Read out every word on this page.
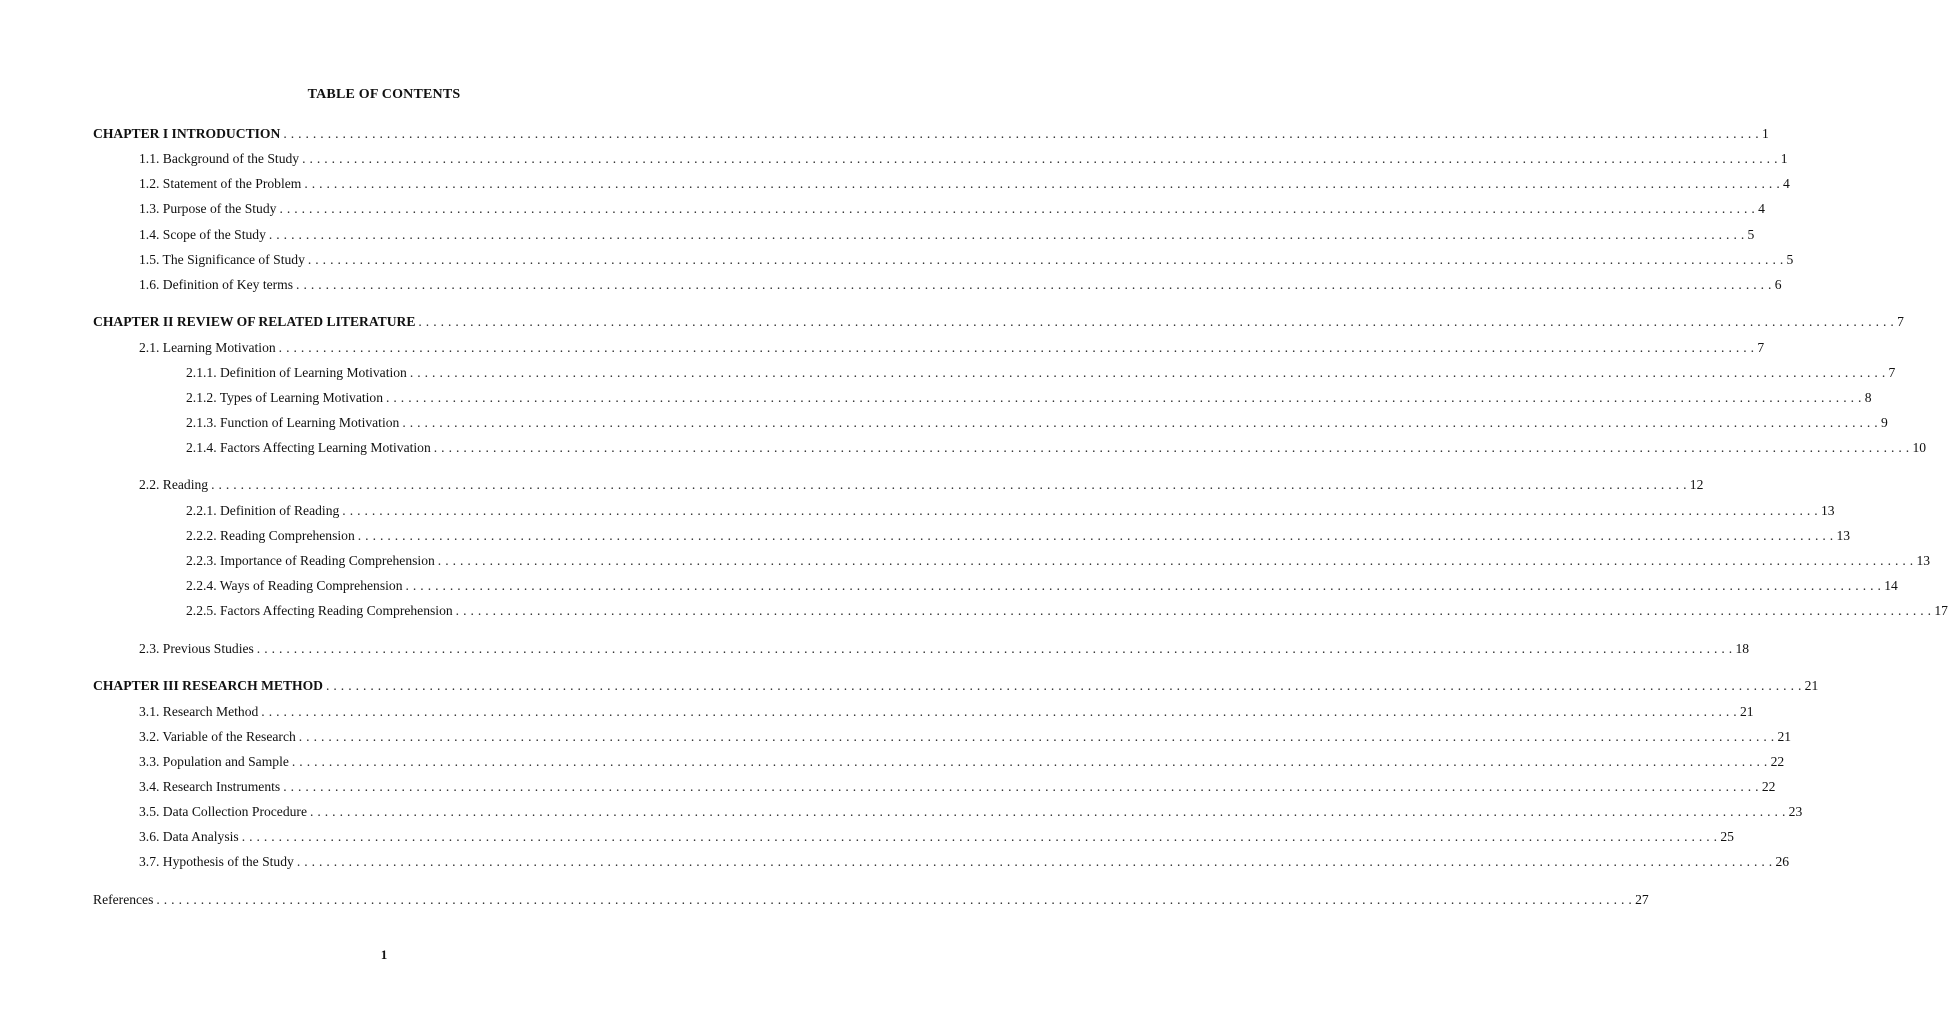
TABLE OF CONTENTS
CHAPTER I INTRODUCTION . . . . . . . . . . . . . . . . . . . . . . . . . . . . . . . . . . . . . . . . . . . . . . . . . . . . . . . . . . . . . . . . . . . . . . . . . . . . . . . . . . . . . . . . . . . . . . . . . . . . . . . . . . . . . . . . . . . . . . . . . . . . . . . . . . . . . . . . . . . . . . . . . . . . . . . . . . . . . . . . . . . . . . . . . . . . . . . . . . . . . . . . . . . . . . . . . . . . . . . . 1
1.1. Background of the Study . . . . . . . . . . . . . . . . . . . . . . . . . . . . . . . . . . . . . . . . . . . . . . . . . . . . . . . . . . . . . . . . . . . . . . . . . . . . . . . . . . . . . . . . . . . . . . . . . . . . . . . . . . . . . . . . . . . . . . . . . . . . . . . . . . . . . . . . . . . . . . . . . . . . . . . . . . . . . . . . . . . . . . . . . . . . . . . . . . . . . . . . . . . . . . . . . . . . . . . . 1
1.2. Statement of the Problem . . . . . . . . . . . . . . . . . . . . . . . . . . . . . . . . . . . . . . . . . . . . . . . . . . . . . . . . . . . . . . . . . . . . . . . . . . . . . . . . . . . . . . . . . . . . . . . . . . . . . . . . . . . . . . . . . . . . . . . . . . . . . . . . . . . . . . . . . . . . . . . . . . . . . . . . . . . . . . . . . . . . . . . . . . . . . . . . . . . . . . . . . . . . . . . . . . . . . . . . 4
1.3. Purpose of the Study . . . . . . . . . . . . . . . . . . . . . . . . . . . . . . . . . . . . . . . . . . . . . . . . . . . . . . . . . . . . . . . . . . . . . . . . . . . . . . . . . . . . . . . . . . . . . . . . . . . . . . . . . . . . . . . . . . . . . . . . . . . . . . . . . . . . . . . . . . . . . . . . . . . . . . . . . . . . . . . . . . . . . . . . . . . . . . . . . . . . . . . . . . . . . . . . . . . . . . . . 4
1.4. Scope of the Study . . . . . . . . . . . . . . . . . . . . . . . . . . . . . . . . . . . . . . . . . . . . . . . . . . . . . . . . . . . . . . . . . . . . . . . . . . . . . . . . . . . . . . . . . . . . . . . . . . . . . . . . . . . . . . . . . . . . . . . . . . . . . . . . . . . . . . . . . . . . . . . . . . . . . . . . . . . . . . . . . . . . . . . . . . . . . . . . . . . . . . . . . . . . . . . . . . . . . . . . 5
1.5. The Significance of Study . . . . . . . . . . . . . . . . . . . . . . . . . . . . . . . . . . . . . . . . . . . . . . . . . . . . . . . . . . . . . . . . . . . . . . . . . . . . . . . . . . . . . . . . . . . . . . . . . . . . . . . . . . . . . . . . . . . . . . . . . . . . . . . . . . . . . . . . . . . . . . . . . . . . . . . . . . . . . . . . . . . . . . . . . . . . . . . . . . . . . . . . . . . . . . . . . . . . . . . . 5
1.6. Definition of Key terms . . . . . . . . . . . . . . . . . . . . . . . . . . . . . . . . . . . . . . . . . . . . . . . . . . . . . . . . . . . . . . . . . . . . . . . . . . . . . . . . . . . . . . . . . . . . . . . . . . . . . . . . . . . . . . . . . . . . . . . . . . . . . . . . . . . . . . . . . . . . . . . . . . . . . . . . . . . . . . . . . . . . . . . . . . . . . . . . . . . . . . . . . . . . . . . . . . . . . . . . 6
CHAPTER II REVIEW OF RELATED LITERATURE . . . . . . . . . . . . . . . . . . . . . . . . . . . . . . . . . . . . . . . . . . . . . . . . . . . . . . . . . . . . . . . . . . . . . . . . . . . . . . . . . . . . . . . . . . . . . . . . . . . . . . . . . . . . . . . . . . . . . . . . . . . . . . . . . . . . . . . . . . . . . . . . . . . . . . . . . . . . . . . . . . . . . . . . . . . . . . . . . . . . . . . . . . . . . . . . . . . . . . . . 7
2.1. Learning Motivation . . . . . . . . . . . . . . . . . . . . . . . . . . . . . . . . . . . . . . . . . . . . . . . . . . . . . . . . . . . . . . . . . . . . . . . . . . . . . . . . . . . . . . . . . . . . . . . . . . . . . . . . . . . . . . . . . . . . . . . . . . . . . . . . . . . . . . . . . . . . . . . . . . . . . . . . . . . . . . . . . . . . . . . . . . . . . . . . . . . . . . . . . . . . . . . . . . . . . . . . 7
2.1.1. Definition of Learning Motivation . . . . . . . . . . . . . . . . . . . . . . . . . . . . . . . . . . . . . . . . . . . . . . . . . . . . . . . . . . . . . . . . . . . . . . . . . . . . . . . . . . . . . . . . . . . . . . . . . . . . . . . . . . . . . . . . . . . . . . . . . . . . . . . . . . . . . . . . . . . . . . . . . . . . . . . . . . . . . . . . . . . . . . . . . . . . . . . . . . . . . . . . . . . . . . . . . . . . . . . . 7
2.1.2. Types of Learning Motivation . . . . . . . . . . . . . . . . . . . . . . . . . . . . . . . . . . . . . . . . . . . . . . . . . . . . . . . . . . . . . . . . . . . . . . . . . . . . . . . . . . . . . . . . . . . . . . . . . . . . . . . . . . . . . . . . . . . . . . . . . . . . . . . . . . . . . . . . . . . . . . . . . . . . . . . . . . . . . . . . . . . . . . . . . . . . . . . . . . . . . . . . . . . . . . . . . . . . . . . . 8
2.1.3. Function of Learning Motivation . . . . . . . . . . . . . . . . . . . . . . . . . . . . . . . . . . . . . . . . . . . . . . . . . . . . . . . . . . . . . . . . . . . . . . . . . . . . . . . . . . . . . . . . . . . . . . . . . . . . . . . . . . . . . . . . . . . . . . . . . . . . . . . . . . . . . . . . . . . . . . . . . . . . . . . . . . . . . . . . . . . . . . . . . . . . . . . . . . . . . . . . . . . . . . . . . . . . . . . . 9
2.1.4. Factors Affecting Learning Motivation . . . . . . . . . . . . . . . . . . . . . . . . . . . . . . . . . . . . . . . . . . . . . . . . . . . . . . . . . . . . . . . . . . . . . . . . . . . . . . . . . . . . . . . . . . . . . . . . . . . . . . . . . . . . . . . . . . . . . . . . . . . . . . . . . . . . . . . . . . . . . . . . . . . . . . . . . . . . . . . . . . . . . . . . . . . . . . . . . . . . . . . . . . . . . . . . . . . . . . . . 10
2.2. Reading . . . . . . . . . . . . . . . . . . . . . . . . . . . . . . . . . . . . . . . . . . . . . . . . . . . . . . . . . . . . . . . . . . . . . . . . . . . . . . . . . . . . . . . . . . . . . . . . . . . . . . . . . . . . . . . . . . . . . . . . . . . . . . . . . . . . . . . . . . . . . . . . . . . . . . . . . . . . . . . . . . . . . . . . . . . . . . . . . . . . . . . . . . . . . . . . . . . . . . . . 12
2.2.1. Definition of Reading . . . . . . . . . . . . . . . . . . . . . . . . . . . . . . . . . . . . . . . . . . . . . . . . . . . . . . . . . . . . . . . . . . . . . . . . . . . . . . . . . . . . . . . . . . . . . . . . . . . . . . . . . . . . . . . . . . . . . . . . . . . . . . . . . . . . . . . . . . . . . . . . . . . . . . . . . . . . . . . . . . . . . . . . . . . . . . . . . . . . . . . . . . . . . . . . . . . . . . . . 13
2.2.2. Reading Comprehension . . . . . . . . . . . . . . . . . . . . . . . . . . . . . . . . . . . . . . . . . . . . . . . . . . . . . . . . . . . . . . . . . . . . . . . . . . . . . . . . . . . . . . . . . . . . . . . . . . . . . . . . . . . . . . . . . . . . . . . . . . . . . . . . . . . . . . . . . . . . . . . . . . . . . . . . . . . . . . . . . . . . . . . . . . . . . . . . . . . . . . . . . . . . . . . . . . . . . . . . 13
2.2.3. Importance of Reading Comprehension . . . . . . . . . . . . . . . . . . . . . . . . . . . . . . . . . . . . . . . . . . . . . . . . . . . . . . . . . . . . . . . . . . . . . . . . . . . . . . . . . . . . . . . . . . . . . . . . . . . . . . . . . . . . . . . . . . . . . . . . . . . . . . . . . . . . . . . . . . . . . . . . . . . . . . . . . . . . . . . . . . . . . . . . . . . . . . . . . . . . . . . . . . . . . . . . . . . . . . . . 13
2.2.4. Ways of Reading Comprehension . . . . . . . . . . . . . . . . . . . . . . . . . . . . . . . . . . . . . . . . . . . . . . . . . . . . . . . . . . . . . . . . . . . . . . . . . . . . . . . . . . . . . . . . . . . . . . . . . . . . . . . . . . . . . . . . . . . . . . . . . . . . . . . . . . . . . . . . . . . . . . . . . . . . . . . . . . . . . . . . . . . . . . . . . . . . . . . . . . . . . . . . . . . . . . . . . . . . . . . . 14
2.2.5. Factors Affecting Reading Comprehension . . . . . . . . . . . . . . . . . . . . . . . . . . . . . . . . . . . . . . . . . . . . . . . . . . . . . . . . . . . . . . . . . . . . . . . . . . . . . . . . . . . . . . . . . . . . . . . . . . . . . . . . . . . . . . . . . . . . . . . . . . . . . . . . . . . . . . . . . . . . . . . . . . . . . . . . . . . . . . . . . . . . . . . . . . . . . . . . . . . . . . . . . . . . . . . . . . . . . . . . 17
2.3. Previous Studies . . . . . . . . . . . . . . . . . . . . . . . . . . . . . . . . . . . . . . . . . . . . . . . . . . . . . . . . . . . . . . . . . . . . . . . . . . . . . . . . . . . . . . . . . . . . . . . . . . . . . . . . . . . . . . . . . . . . . . . . . . . . . . . . . . . . . . . . . . . . . . . . . . . . . . . . . . . . . . . . . . . . . . . . . . . . . . . . . . . . . . . . . . . . . . . . . . . . . . . . 18
CHAPTER III RESEARCH METHOD . . . . . . . . . . . . . . . . . . . . . . . . . . . . . . . . . . . . . . . . . . . . . . . . . . . . . . . . . . . . . . . . . . . . . . . . . . . . . . . . . . . . . . . . . . . . . . . . . . . . . . . . . . . . . . . . . . . . . . . . . . . . . . . . . . . . . . . . . . . . . . . . . . . . . . . . . . . . . . . . . . . . . . . . . . . . . . . . . . . . . . . . . . . . . . . . . . . . . . . . 21
3.1. Research Method . . . . . . . . . . . . . . . . . . . . . . . . . . . . . . . . . . . . . . . . . . . . . . . . . . . . . . . . . . . . . . . . . . . . . . . . . . . . . . . . . . . . . . . . . . . . . . . . . . . . . . . . . . . . . . . . . . . . . . . . . . . . . . . . . . . . . . . . . . . . . . . . . . . . . . . . . . . . . . . . . . . . . . . . . . . . . . . . . . . . . . . . . . . . . . . . . . . . . . . . 21
3.2. Variable of the Research . . . . . . . . . . . . . . . . . . . . . . . . . . . . . . . . . . . . . . . . . . . . . . . . . . . . . . . . . . . . . . . . . . . . . . . . . . . . . . . . . . . . . . . . . . . . . . . . . . . . . . . . . . . . . . . . . . . . . . . . . . . . . . . . . . . . . . . . . . . . . . . . . . . . . . . . . . . . . . . . . . . . . . . . . . . . . . . . . . . . . . . . . . . . . . . . . . . . . . . . 21
3.3. Population and Sample . . . . . . . . . . . . . . . . . . . . . . . . . . . . . . . . . . . . . . . . . . . . . . . . . . . . . . . . . . . . . . . . . . . . . . . . . . . . . . . . . . . . . . . . . . . . . . . . . . . . . . . . . . . . . . . . . . . . . . . . . . . . . . . . . . . . . . . . . . . . . . . . . . . . . . . . . . . . . . . . . . . . . . . . . . . . . . . . . . . . . . . . . . . . . . . . . . . . . . . . 22
3.4. Research Instruments . . . . . . . . . . . . . . . . . . . . . . . . . . . . . . . . . . . . . . . . . . . . . . . . . . . . . . . . . . . . . . . . . . . . . . . . . . . . . . . . . . . . . . . . . . . . . . . . . . . . . . . . . . . . . . . . . . . . . . . . . . . . . . . . . . . . . . . . . . . . . . . . . . . . . . . . . . . . . . . . . . . . . . . . . . . . . . . . . . . . . . . . . . . . . . . . . . . . . . . . 22
3.5. Data Collection Procedure . . . . . . . . . . . . . . . . . . . . . . . . . . . . . . . . . . . . . . . . . . . . . . . . . . . . . . . . . . . . . . . . . . . . . . . . . . . . . . . . . . . . . . . . . . . . . . . . . . . . . . . . . . . . . . . . . . . . . . . . . . . . . . . . . . . . . . . . . . . . . . . . . . . . . . . . . . . . . . . . . . . . . . . . . . . . . . . . . . . . . . . . . . . . . . . . . . . . . . . . 23
3.6. Data Analysis . . . . . . . . . . . . . . . . . . . . . . . . . . . . . . . . . . . . . . . . . . . . . . . . . . . . . . . . . . . . . . . . . . . . . . . . . . . . . . . . . . . . . . . . . . . . . . . . . . . . . . . . . . . . . . . . . . . . . . . . . . . . . . . . . . . . . . . . . . . . . . . . . . . . . . . . . . . . . . . . . . . . . . . . . . . . . . . . . . . . . . . . . . . . . . . . . . . . . . . . 25
3.7. Hypothesis of the Study . . . . . . . . . . . . . . . . . . . . . . . . . . . . . . . . . . . . . . . . . . . . . . . . . . . . . . . . . . . . . . . . . . . . . . . . . . . . . . . . . . . . . . . . . . . . . . . . . . . . . . . . . . . . . . . . . . . . . . . . . . . . . . . . . . . . . . . . . . . . . . . . . . . . . . . . . . . . . . . . . . . . . . . . . . . . . . . . . . . . . . . . . . . . . . . . . . . . . . . . 26
References . . . . . . . . . . . . . . . . . . . . . . . . . . . . . . . . . . . . . . . . . . . . . . . . . . . . . . . . . . . . . . . . . . . . . . . . . . . . . . . . . . . . . . . . . . . . . . . . . . . . . . . . . . . . . . . . . . . . . . . . . . . . . . . . . . . . . . . . . . . . . . . . . . . . . . . . . . . . . . . . . . . . . . . . . . . . . . . . . . . . . . . . . . . . . . . . . . . . . . . . 27
1
